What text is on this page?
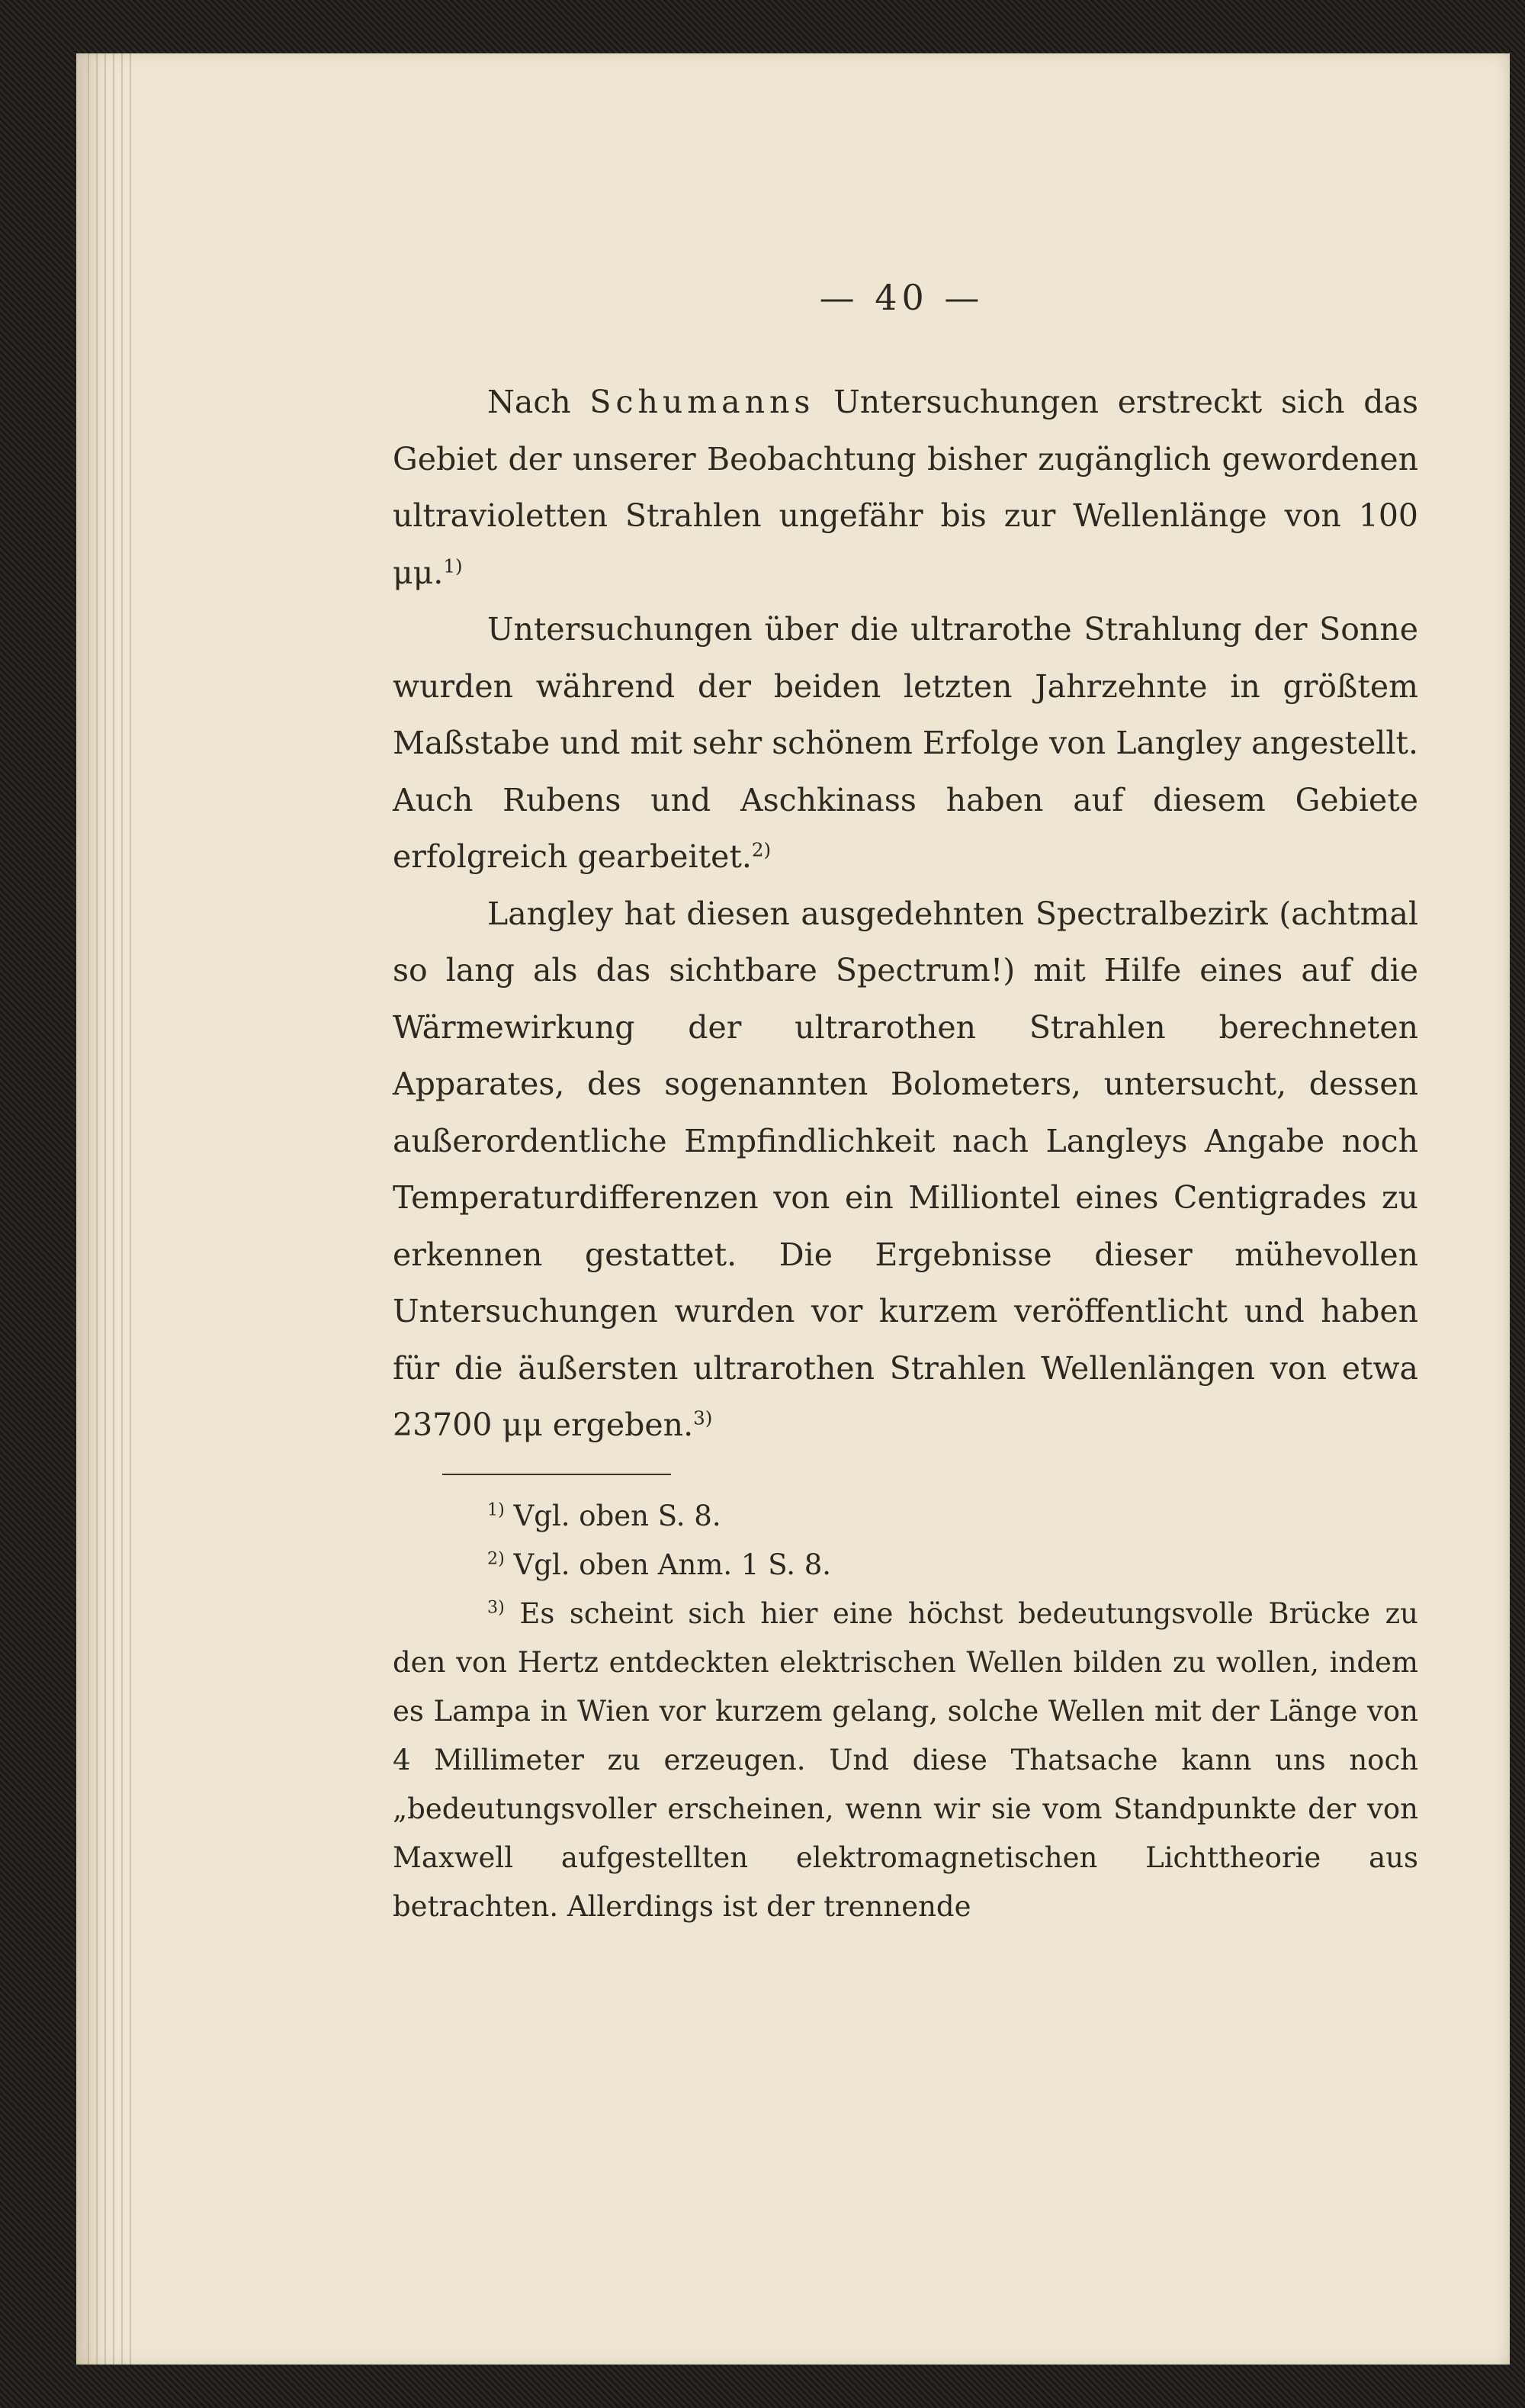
— 40 —

Nach Schumanns Untersuchungen erstreckt sich das Gebiet der unserer Beobachtung bisher zugänglich gewordenen ultravioletten Strahlen ungefähr bis zur Wellenlänge von 100 μμ.$^{1)}$

Untersuchungen über die ultrarothe Strahlung der Sonne wurden während der beiden letzten Jahrzehnte in größtem Maßstabe und mit sehr schönem Erfolge von Langley angestellt. Auch Rubens und Aschkinass haben auf diesem Gebiete erfolgreich gearbeitet.$^{2)}$

Langley hat diesen ausgedehnten Spectralbezirk (achtmal so lang als das sichtbare Spectrum!) mit Hilfe eines auf die Wärmewirkung der ultrarothen Strahlen berechneten Apparates, des sogenannten Bolometers, untersucht, dessen außerordentliche Empfindlichkeit nach Langleys Angabe noch Temperaturdifferenzen von ein Milliontel eines Centigrades zu erkennen gestattet. Die Ergebnisse dieser mühevollen Untersuchungen wurden vor kurzem veröffentlicht und haben für die äußersten ultrarothen Strahlen Wellenlängen von etwa 23700 μμ ergeben.$^{3)}$

$^{1)}$ Vgl. oben S. 8.

$^{2)}$ Vgl. oben Anm. 1 S. 8.

$^{3)}$ Es scheint sich hier eine höchst bedeutungsvolle Brücke zu den von Hertz entdeckten elektrischen Wellen bilden zu wollen, indem es Lampa in Wien vor kurzem gelang, solche Wellen mit der Länge von 4 Millimeter zu erzeugen. Und diese Thatsache kann uns noch „bedeutungsvoller erscheinen, wenn wir sie vom Standpunkte der von Maxwell aufgestellten elektromagnetischen Lichttheorie aus betrachten. Allerdings ist der trennende
